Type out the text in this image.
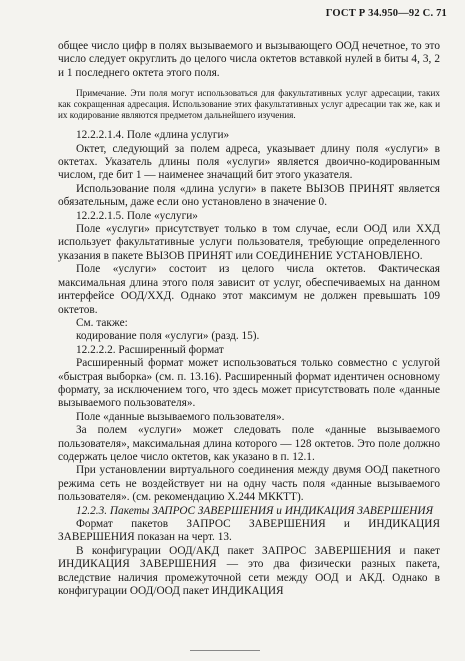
ГОСТ Р 34.950—92 С. 71

общее число цифр в полях вызываемого и вызывающего ООД нечетное, то это число следует округлить до целого числа октетов вставкой нулей в биты 4, 3, 2 и 1 последнего октета этого поля.

Примечание. Эти поля могут использоваться для факультативных услуг адресации, таких как сокращенная адресация. Использование этих факультативных услуг адресации так же, как и их кодирование являются предметом дальнейшего изучения.

12.2.2.1.4. Поле «длина услуги»

Октет, следующий за полем адреса, указывает длину поля «услуги» в октетах. Указатель длины поля «услуги» является двоично-кодированным числом, где бит 1 — наименее значащий бит этого указателя.

Использование поля «длина услуги» в пакете ВЫЗОВ ПРИНЯТ является обязательным, даже если оно установлено в значение 0.

12.2.2.1.5. Поле «услуги»

Поле «услуги» присутствует только в том случае, если ООД или ХХД использует факультативные услуги пользователя, требующие определенного указания в пакете ВЫЗОВ ПРИНЯТ или СОЕДИНЕНИЕ УСТАНОВЛЕНО.

Поле «услуги» состоит из целого числа октетов. Фактическая максимальная длина этого поля зависит от услуг, обеспечиваемых на данном интерфейсе ООД/ХХД. Однако этот максимум не должен превышать 109 октетов.

См. также:

кодирование поля «услуги» (разд. 15).

12.2.2.2. Расширенный формат

Расширенный формат может использоваться только совместно с услугой «быстрая выборка» (см. п. 13.16). Расширенный формат идентичен основному формату, за исключением того, что здесь может присутствовать поле «данные вызываемого пользователя».

Поле «данные вызываемого пользователя».

За полем «услуги» может следовать поле «данные вызываемого пользователя», максимальная длина которого — 128 октетов. Это поле должно содержать целое число октетов, как указано в п. 12.1.

При установлении виртуального соединения между двумя ООД пакетного режима сеть не воздействует ни на одну часть поля «данные вызываемого пользователя». (см. рекомендацию Х.244 МККТТ).

12.2.3. Пакеты ЗАПРОС ЗАВЕРШЕНИЯ и ИНДИКАЦИЯ ЗАВЕРШЕНИЯ

Формат пакетов ЗАПРОС ЗАВЕРШЕНИЯ и ИНДИКАЦИЯ ЗАВЕРШЕНИЯ показан на черт. 13.

В конфигурации ООД/АКД пакет ЗАПРОС ЗАВЕРШЕНИЯ и пакет ИНДИКАЦИЯ ЗАВЕРШЕНИЯ — это два физически разных пакета, вследствие наличия промежуточной сети между ООД и АКД. Однако в конфигурации ООД/ООД пакет ИНДИКАЦИЯ
